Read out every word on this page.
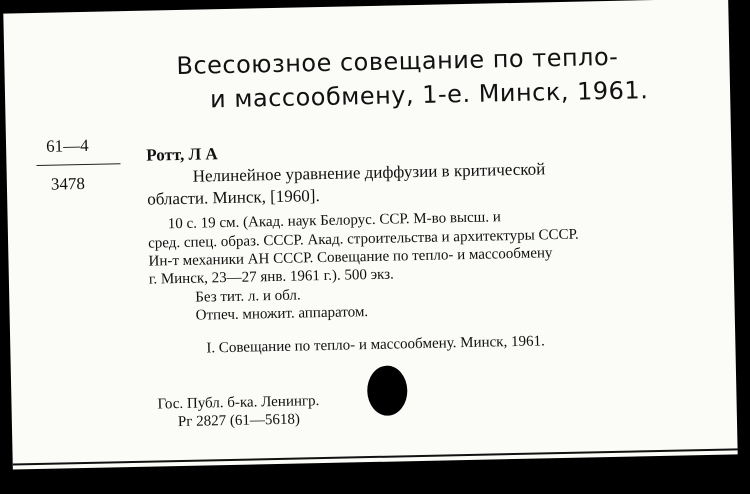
Всесоюзное совещание по тепло-
и массообмену, 1-е. Минск, 1961.
61—4
3478
Ротт, Л А
Нелинейное уравнение диффузии в критической
области. Минск, [1960].
10 с. 19 см. (Акад. наук Белорус. ССР. М-во высш. и
сред. спец. образ. СССР. Акад. строительства и архитектуры СССР.
Ин-т механики АН СССР. Совещание по тепло- и массообмену
г. Минск, 23—27 янв. 1961 г.). 500 экз.
Без тит. л. и обл.
Отпеч. множит. аппаратом.
I. Совещание по тепло- и массообмену. Минск, 1961.
Гос. Публ. б-ка. Ленингр.
Рг 2827 (61—5618)
